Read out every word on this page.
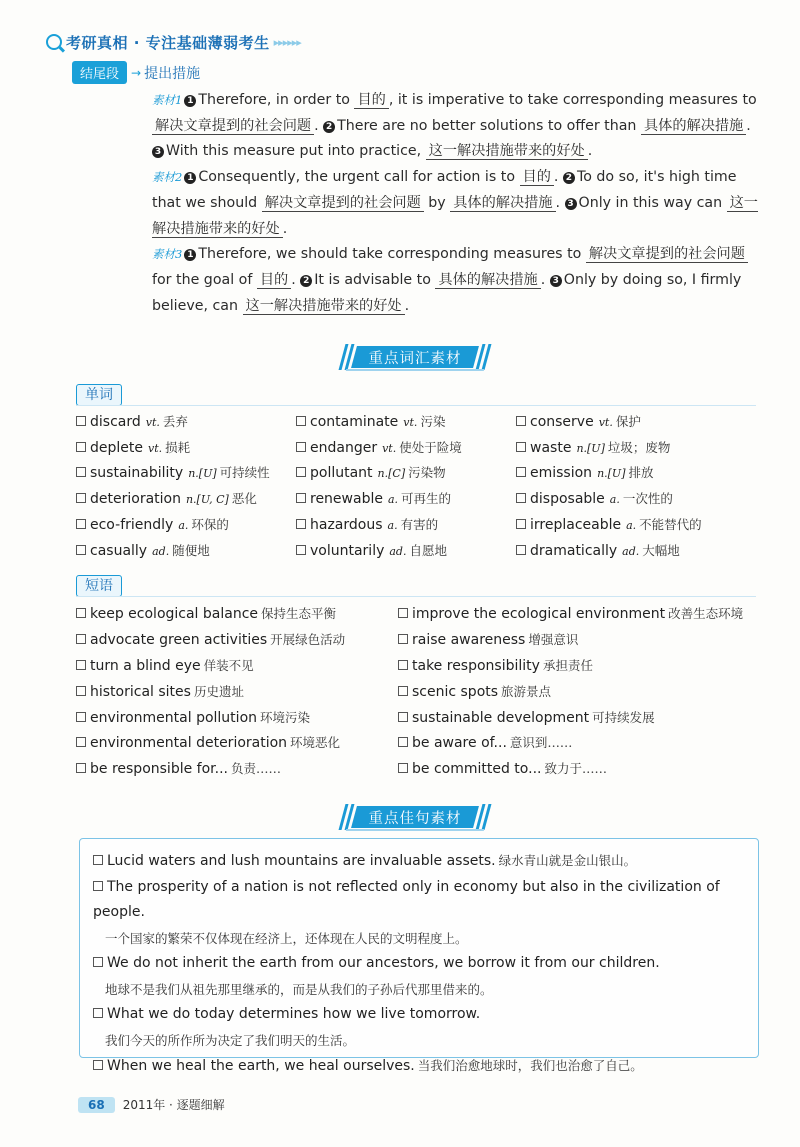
考研真相 · 专注基础薄弱考生 ▸▸▸▸▸▸
结尾段	→ 提出措施

素材1 1 Therefore, in order to 目的 , it is imperative to take corresponding measures to 解决文章提到的社会问题 . 2 There are no better solutions to offer than 具体的解决措施 . 3 With this measure put into practice, 这一解决措施带来的好处 .

素材2 1 Consequently, the urgent call for action is to 目的 . 2 To do so, it's high time that we should 解决文章提到的社会问题 by 具体的解决措施 . 3 Only in this way can 这一解决措施带来的好处 .

素材3 1 Therefore, we should take corresponding measures to 解决文章提到的社会问题 for the goal of 目的 . 2 It is advisable to 具体的解决措施 . 3 Only by doing so, I firmly believe, can 这一解决措施带来的好处 .

重点词汇素材
单词
discard vt. 丢弃	contaminate vt. 污染	conserve vt. 保护
deplete vt. 损耗	endanger vt. 使处于险境	waste n.[U] 垃圾；废物
sustainability n.[U] 可持续性	pollutant n.[C] 污染物	emission n.[U] 排放
deterioration n.[U, C] 恶化	renewable a. 可再生的	disposable a. 一次性的
eco-friendly a. 环保的	hazardous a. 有害的	irreplaceable a. 不能替代的
casually ad. 随便地	voluntarily ad. 自愿地	dramatically ad. 大幅地
短语
keep ecological balance 保持生态平衡	improve the ecological environment 改善生态环境
advocate green activities 开展绿色活动	raise awareness 增强意识
turn a blind eye 佯装不见	take responsibility 承担责任
historical sites 历史遗址	scenic spots 旅游景点
environmental pollution 环境污染	sustainable development 可持续发展
environmental deterioration 环境恶化	be aware of... 意识到……
be responsible for... 负责……	be committed to... 致力于……
重点佳句素材
Lucid waters and lush mountains are invaluable assets. 绿水青山就是金山银山。
The prosperity of a nation is not reflected only in economy but also in the civilization of people.
一个国家的繁荣不仅体现在经济上，还体现在人民的文明程度上。
We do not inherit the earth from our ancestors, we borrow it from our children.
地球不是我们从祖先那里继承的，而是从我们的子孙后代那里借来的。
What we do today determines how we live tomorrow.
我们今天的所作所为决定了我们明天的生活。
When we heal the earth, we heal ourselves. 当我们治愈地球时，我们也治愈了自己。
68	2011年 · 逐题细解
